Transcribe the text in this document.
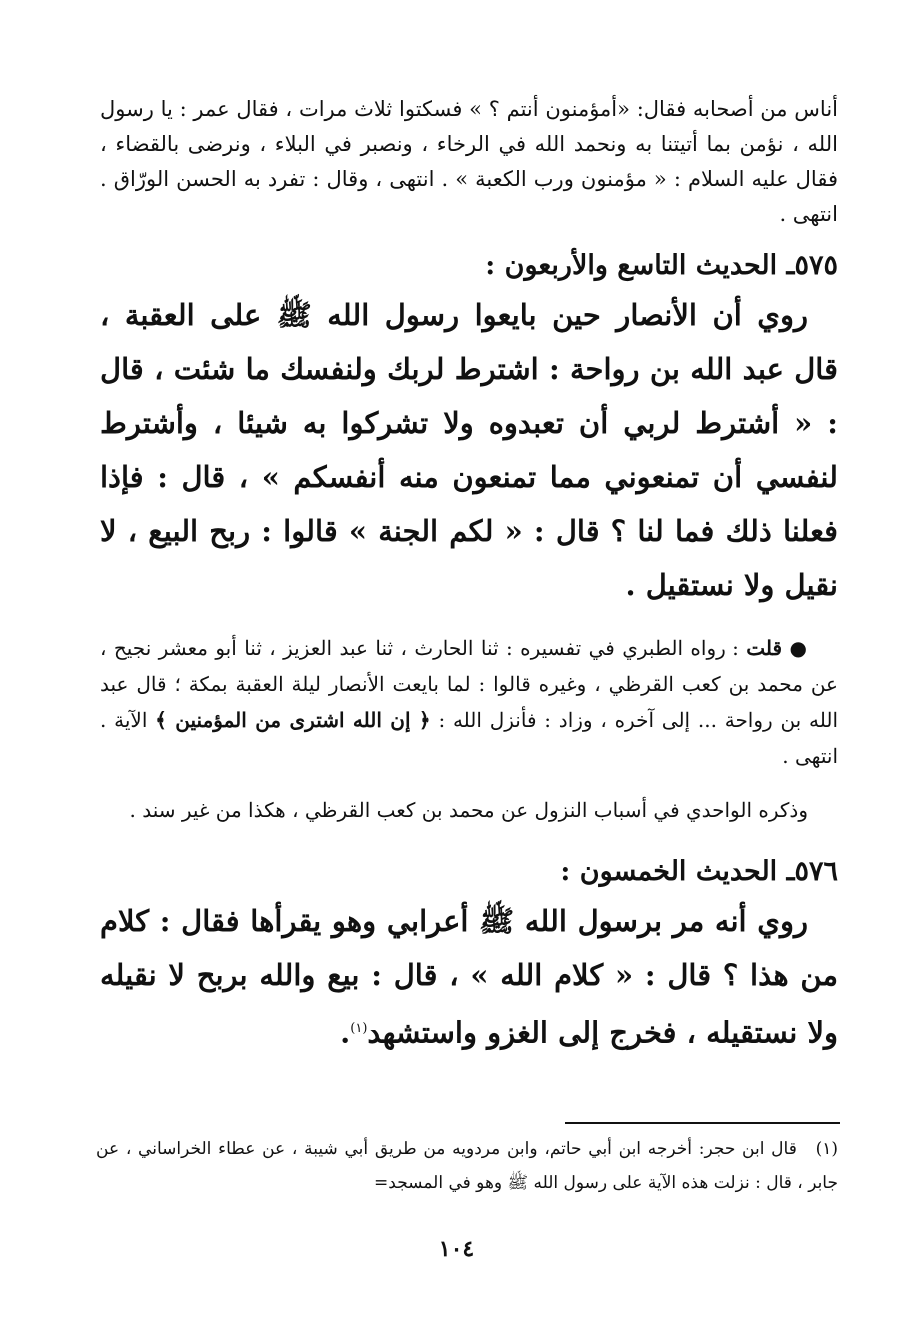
أناس من أصحابه فقال: «أمؤمنون أنتم ؟ » فسكتوا ثلاث مرات ، فقال عمر : يا رسول الله ، نؤمن بما أتيتنا به ونحمد الله في الرخاء ، ونصبر في البلاء ، ونرضى بالقضاء ، فقال عليه السلام : « مؤمنون ورب الكعبة » . انتهى ، وقال : تفرد به الحسن الورّاق . انتهى .

٥٧٥ـ الحديث التاسع والأربعون :

روي أن الأنصار حين بايعوا رسول الله ﷺ على العقبة ، قال عبد الله بن رواحة : اشترط لربك ولنفسك ما شئت ، قال : « أشترط لربي أن تعبدوه ولا تشركوا به شيئا ، وأشترط لنفسي أن تمنعوني مما تمنعون منه أنفسكم » ، قال : فإذا فعلنا ذلك فما لنا ؟ قال : « لكم الجنة » قالوا : ربح البيع ، لا نقيل ولا نستقيل .

● قلت : رواه الطبري في تفسيره : ثنا الحارث ، ثنا عبد العزيز ، ثنا أبو معشر نجيح ، عن محمد بن كعب القرظي ، وغيره قالوا : لما بايعت الأنصار ليلة العقبة بمكة ؛ قال عبد الله بن رواحة ... إلى آخره ، وزاد : فأنزل الله : ﴿ إن الله اشترى من المؤمنين ﴾ الآية . انتهى .

وذكره الواحدي في أسباب النزول عن محمد بن كعب القرظي ، هكذا من غير سند .

٥٧٦ـ الحديث الخمسون :

روي أنه مر برسول الله ﷺ أعرابي وهو يقرأها فقال : كلام من هذا ؟ قال : « كلام الله » ، قال : بيع والله بربح لا نقيله ولا نستقيله ، فخرج إلى الغزو واستشهد$^{(١)}$.

(١) قال ابن حجر: أخرجه ابن أبي حاتم، وابن مردويه من طريق أبي شيبة ، عن عطاء الخراساني ، عن جابر ، قال : نزلت هذه الآية على رسول الله ﷺ وهو في المسجد=
١٠٤
